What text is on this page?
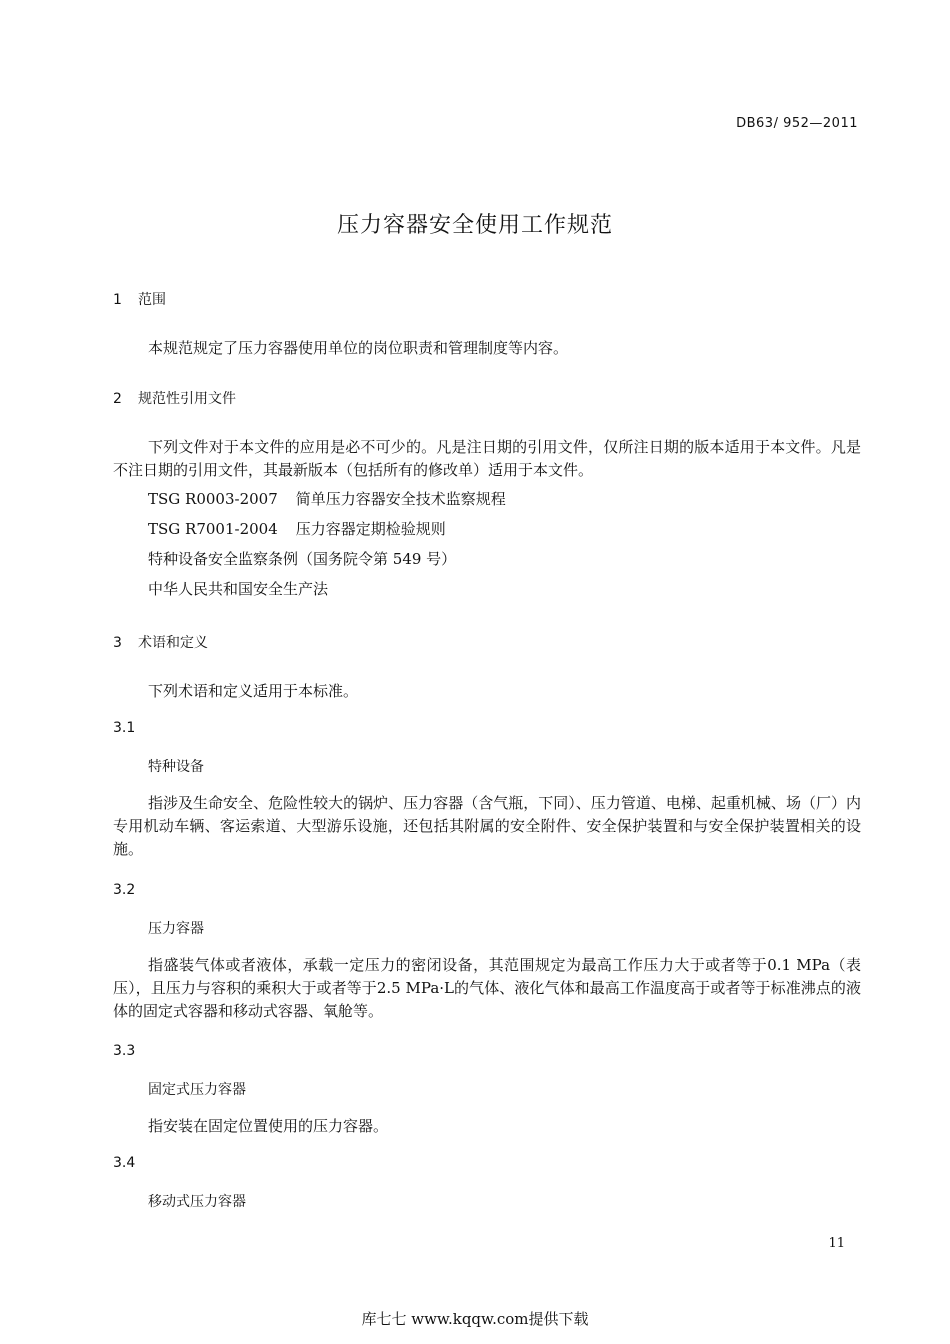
DB63/ 952—2011
压力容器安全使用工作规范
1 范围
本规范规定了压力容器使用单位的岗位职责和管理制度等内容。
2 规范性引用文件
下列文件对于本文件的应用是必不可少的。凡是注日期的引用文件，仅所注日期的版本适用于本文件。凡是不注日期的引用文件，其最新版本（包括所有的修改单）适用于本文件。
TSG R0003-2007 简单压力容器安全技术监察规程
TSG R7001-2004 压力容器定期检验规则
特种设备安全监察条例（国务院令第 549 号）
中华人民共和国安全生产法
3 术语和定义
下列术语和定义适用于本标准。
3.1
特种设备
指涉及生命安全、危险性较大的锅炉、压力容器（含气瓶，下同）、压力管道、电梯、起重机械、场（厂）内专用机动车辆、客运索道、大型游乐设施，还包括其附属的安全附件、安全保护装置和与安全保护装置相关的设施。
3.2
压力容器
指盛装气体或者液体，承载一定压力的密闭设备，其范围规定为最高工作压力大于或者等于0.1 MPa（表压），且压力与容积的乘积大于或者等于2.5 MPa·L的气体、液化气体和最高工作温度高于或者等于标准沸点的液体的固定式容器和移动式容器、氧舱等。
3.3
固定式压力容器
指安装在固定位置使用的压力容器。
3.4
移动式压力容器
11
库七七 www.kqqw.com提供下载
